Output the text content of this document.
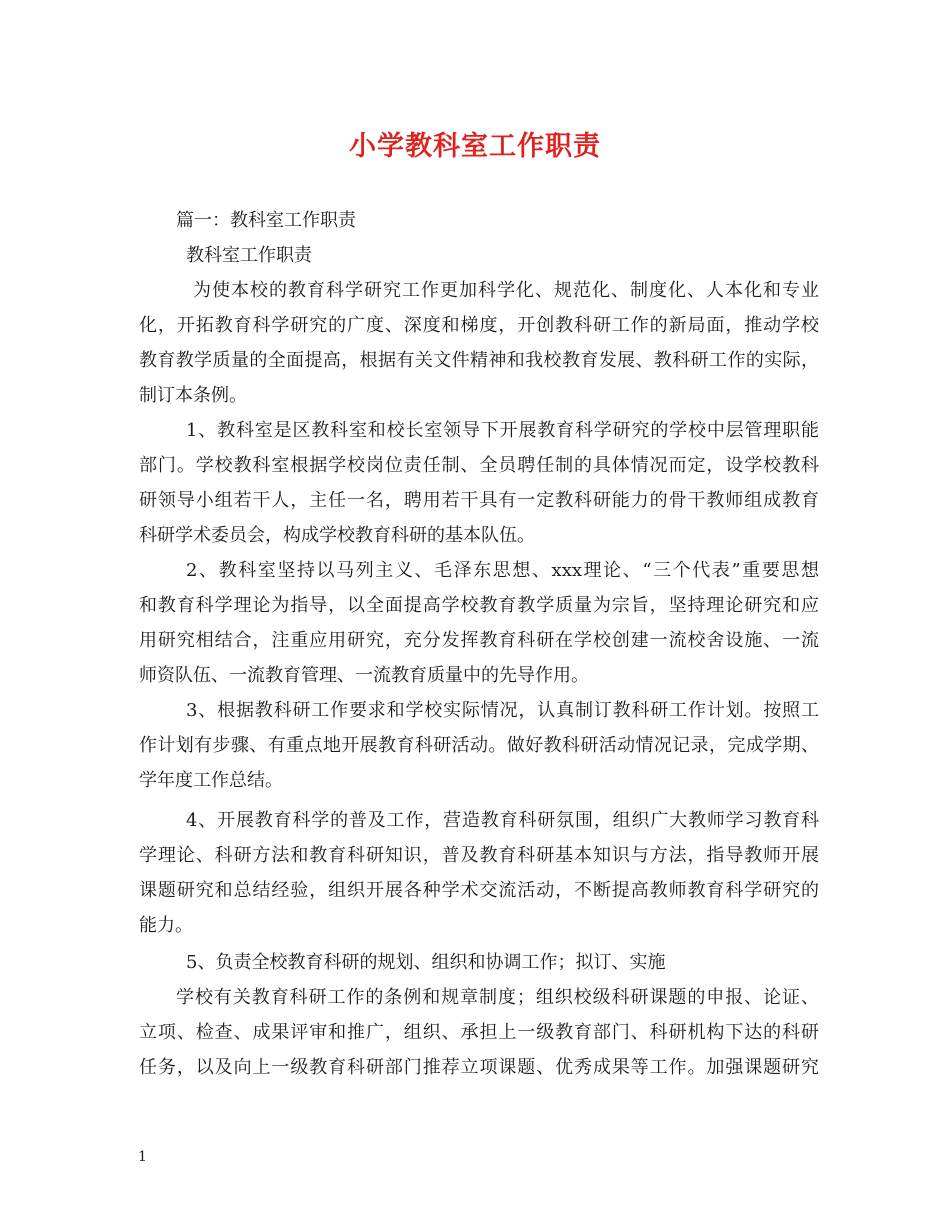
小学教科室工作职责
篇一：教科室工作职责
教科室工作职责
为使本校的教育科学研究工作更加科学化、规范化、制度化、人本化和专业
化，开拓教育科学研究的广度、深度和梯度，开创教科研工作的新局面，推动学校
教育教学质量的全面提高，根据有关文件精神和我校教育发展、教科研工作的实际，
制订本条例。
1、教科室是区教科室和校长室领导下开展教育科学研究的学校中层管理职能
部门。学校教科室根据学校岗位责任制、全员聘任制的具体情况而定，设学校教科
研领导小组若干人，主任一名，聘用若干具有一定教科研能力的骨干教师组成教育
科研学术委员会，构成学校教育科研的基本队伍。
2、教科室坚持以马列主义、毛泽东思想、xxx理论、“三个代表”重要思想
和教育科学理论为指导，以全面提高学校教育教学质量为宗旨，坚持理论研究和应
用研究相结合，注重应用研究，充分发挥教育科研在学校创建一流校舍设施、一流
师资队伍、一流教育管理、一流教育质量中的先导作用。
3、根据教科研工作要求和学校实际情况，认真制订教科研工作计划。按照工
作计划有步骤、有重点地开展教育科研活动。做好教科研活动情况记录，完成学期、
学年度工作总结。
4、开展教育科学的普及工作，营造教育科研氛围，组织广大教师学习教育科
学理论、科研方法和教育科研知识，普及教育科研基本知识与方法，指导教师开展
课题研究和总结经验，组织开展各种学术交流活动，不断提高教师教育科学研究的
能力。
5、负责全校教育科研的规划、组织和协调工作；拟订、实施
学校有关教育科研工作的条例和规章制度；组织校级科研课题的申报、论证、
立项、检查、成果评审和推广，组织、承担上一级教育部门、科研机构下达的科研
任务，以及向上一级教育科研部门推荐立项课题、优秀成果等工作。加强课题研究
1
